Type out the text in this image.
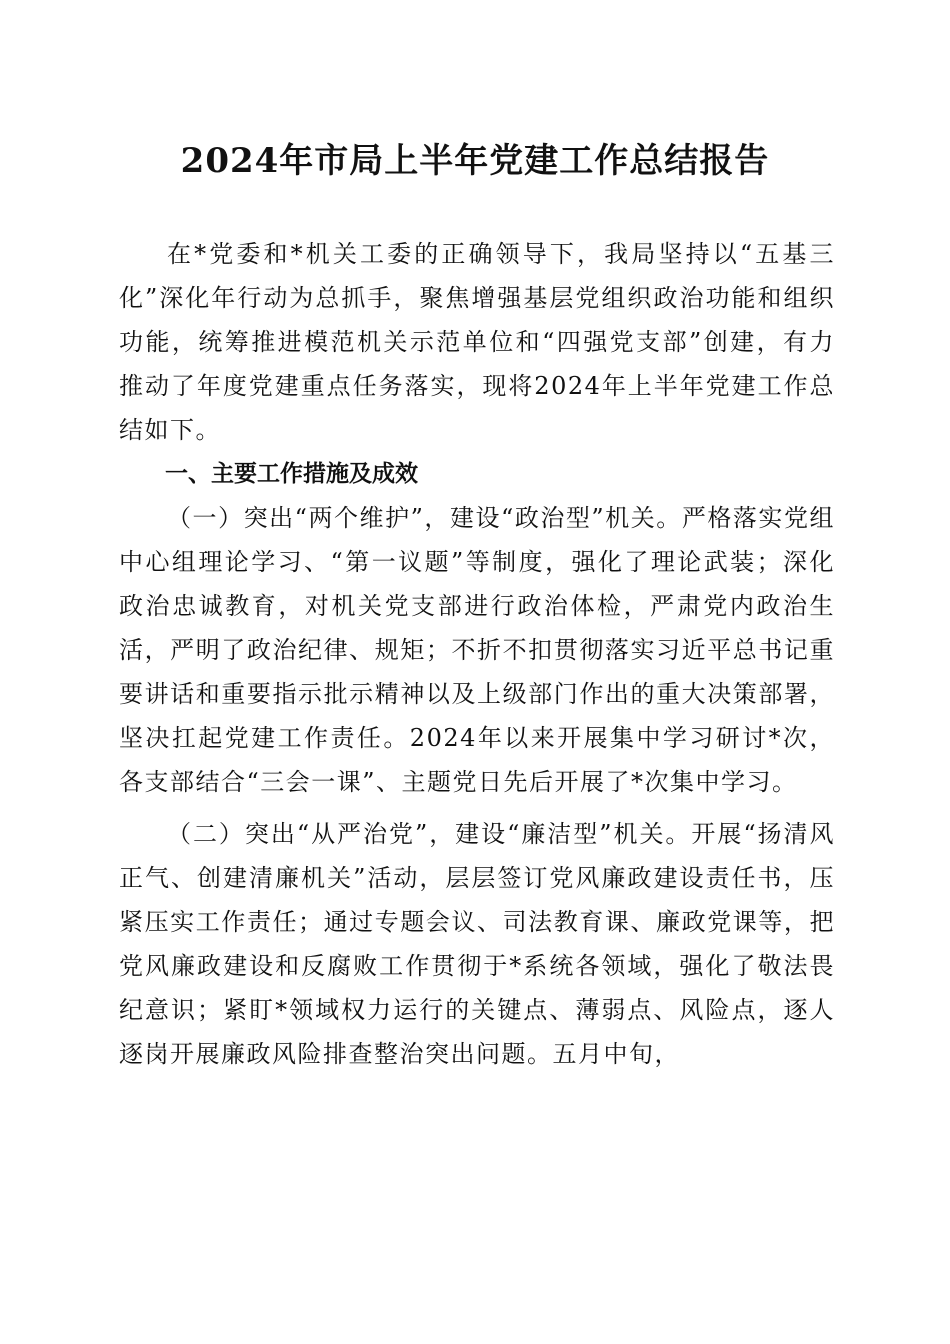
2024年市局上半年党建工作总结报告

在*党委和*机关工委的正确领导下，我局坚持以“五基三化”深化年行动为总抓手，聚焦增强基层党组织政治功能和组织功能，统筹推进模范机关示范单位和“四强党支部”创建，有力推动了年度党建重点任务落实，现将2024年上半年党建工作总结如下。

一、主要工作措施及成效

（一）突出“两个维护”，建设“政治型”机关。严格落实党组中心组理论学习、“第一议题”等制度，强化了理论武装；深化政治忠诚教育，对机关党支部进行政治体检，严肃党内政治生活，严明了政治纪律、规矩；不折不扣贯彻落实习近平总书记重要讲话和重要指示批示精神以及上级部门作出的重大决策部署，坚决扛起党建工作责任。2024年以来开展集中学习研讨*次，各支部结合“三会一课”、主题党日先后开展了*次集中学习。

（二）突出“从严治党”，建设“廉洁型”机关。开展“扬清风正气、创建清廉机关”活动，层层签订党风廉政建设责任书，压紧压实工作责任；通过专题会议、司法教育课、廉政党课等，把党风廉政建设和反腐败工作贯彻于*系统各领域，强化了敬法畏纪意识；紧盯*领域权力运行的关键点、薄弱点、风险点，逐人逐岗开展廉政风险排查整治突出问题。五月中旬，
